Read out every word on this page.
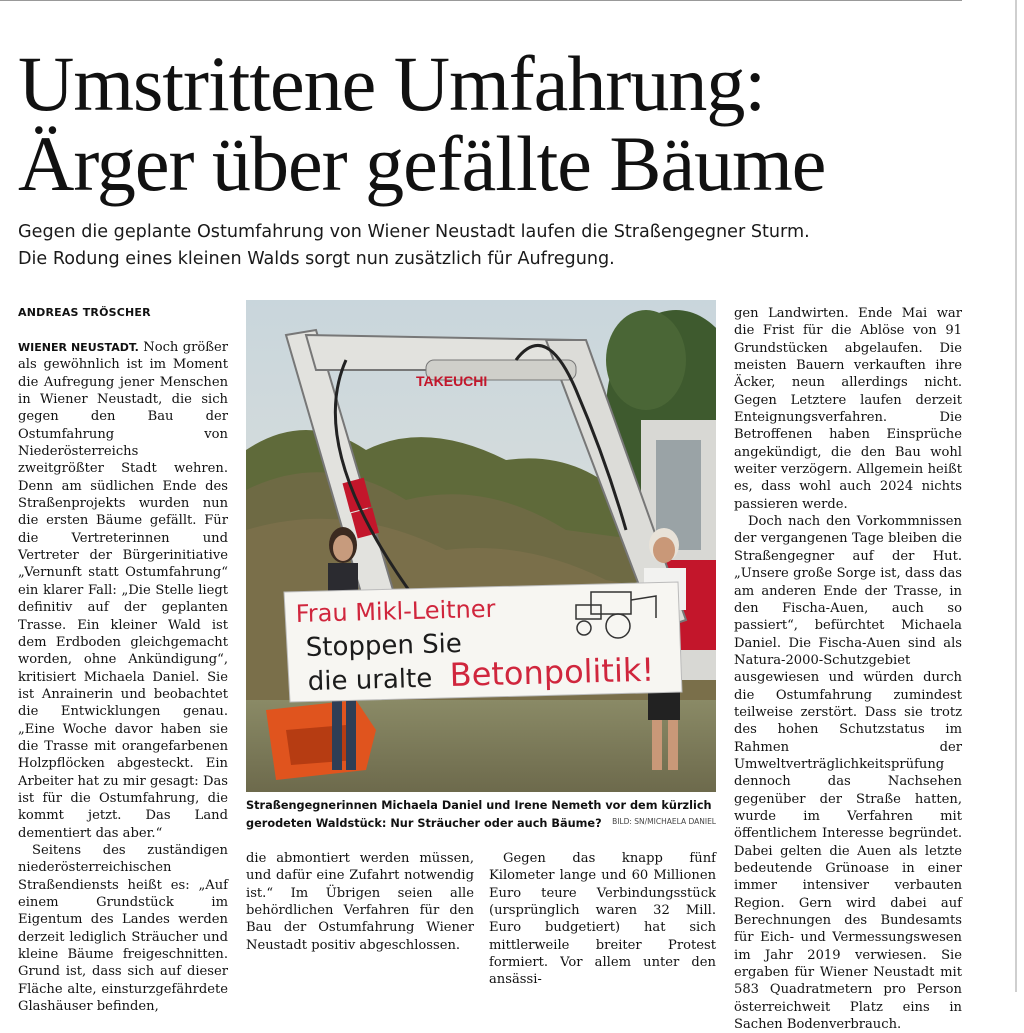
Umstrittene Umfahrung:
Ärger über gefällte Bäume

Gegen die geplante Ostumfahrung von Wiener Neustadt laufen die Straßengegner Sturm.
Die Rodung eines kleinen Walds sorgt nun zusätzlich für Aufregung.

ANDREAS TRÖSCHER

WIENER NEUSTADT. Noch größer als gewöhnlich ist im Moment die Aufregung jener Menschen in Wiener Neustadt, die sich gegen den Bau der Ostumfahrung von Niederösterreichs zweitgrößter Stadt wehren. Denn am südlichen Ende des Straßenprojekts wurden nun die ersten Bäume gefällt. Für die Vertreterinnen und Vertreter der Bürgerinitiative „Vernunft statt Ostumfahrung“ ein klarer Fall: „Die Stelle liegt definitiv auf der geplanten Trasse. Ein kleiner Wald ist dem Erdboden gleichgemacht worden, ohne Ankündigung“, kritisiert Michaela Daniel. Sie ist Anrainerin und beobachtet die Entwicklungen genau. „Eine Woche davor haben sie die Trasse mit orangefarbenen Holzpflöcken abgesteckt. Ein Arbeiter hat zu mir gesagt: Das ist für die Ostumfahrung, die kommt jetzt. Das Land dementiert das aber.“

Seitens des zuständigen niederösterreichischen Straßendiensts heißt es: „Auf einem Grundstück im Eigentum des Landes werden derzeit lediglich Sträucher und kleine Bäume freigeschnitten. Grund ist, dass sich auf dieser Fläche alte, einsturzgefährdete Glashäuser befinden,

TAKEUCHI
Frau Mikl-Leitner
Stoppen Sie
die uralte Betonpolitik!
Straßengegnerinnen Michaela Daniel und Irene Nemeth vor dem kürzlich gerodeten Waldstück: Nur Sträucher oder auch Bäume? BILD: SN/MICHAELA DANIEL

die abmontiert werden müssen, und dafür eine Zufahrt notwendig ist.“ Im Übrigen seien alle behördlichen Verfahren für den Bau der Ostumfahrung Wiener Neustadt positiv abgeschlossen.

Gegen das knapp fünf Kilometer lange und 60 Millionen Euro teure Verbindungsstück (ursprünglich waren 32 Mill. Euro budgetiert) hat sich mittlerweile breiter Protest formiert. Vor allem unter den ansässi-

gen Landwirten. Ende Mai war die Frist für die Ablöse von 91 Grundstücken abgelaufen. Die meisten Bauern verkauften ihre Äcker, neun allerdings nicht. Gegen Letztere laufen derzeit Enteignungsverfahren. Die Betroffenen haben Einsprüche angekündigt, die den Bau wohl weiter verzögern. Allgemein heißt es, dass wohl auch 2024 nichts passieren werde.

Doch nach den Vorkommnissen der vergangenen Tage bleiben die Straßengegner auf der Hut. „Unsere große Sorge ist, dass das am anderen Ende der Trasse, in den Fischa-Auen, auch so passiert“, befürchtet Michaela Daniel. Die Fischa-Auen sind als Natura-2000-Schutzgebiet ausgewiesen und würden durch die Ostumfahrung zumindest teilweise zerstört. Dass sie trotz des hohen Schutzstatus im Rahmen der Umweltverträglichkeitsprüfung dennoch das Nachsehen gegenüber der Straße hatten, wurde im Verfahren mit öffentlichem Interesse begründet. Dabei gelten die Auen als letzte bedeutende Grünoase in einer immer intensiver verbauten Region. Gern wird dabei auf Berechnungen des Bundesamts für Eich- und Vermessungswesen im Jahr 2019 verwiesen. Sie ergaben für Wiener Neustadt mit 583 Quadratmetern pro Person österreichweit Platz eins in Sachen Bodenverbrauch.
